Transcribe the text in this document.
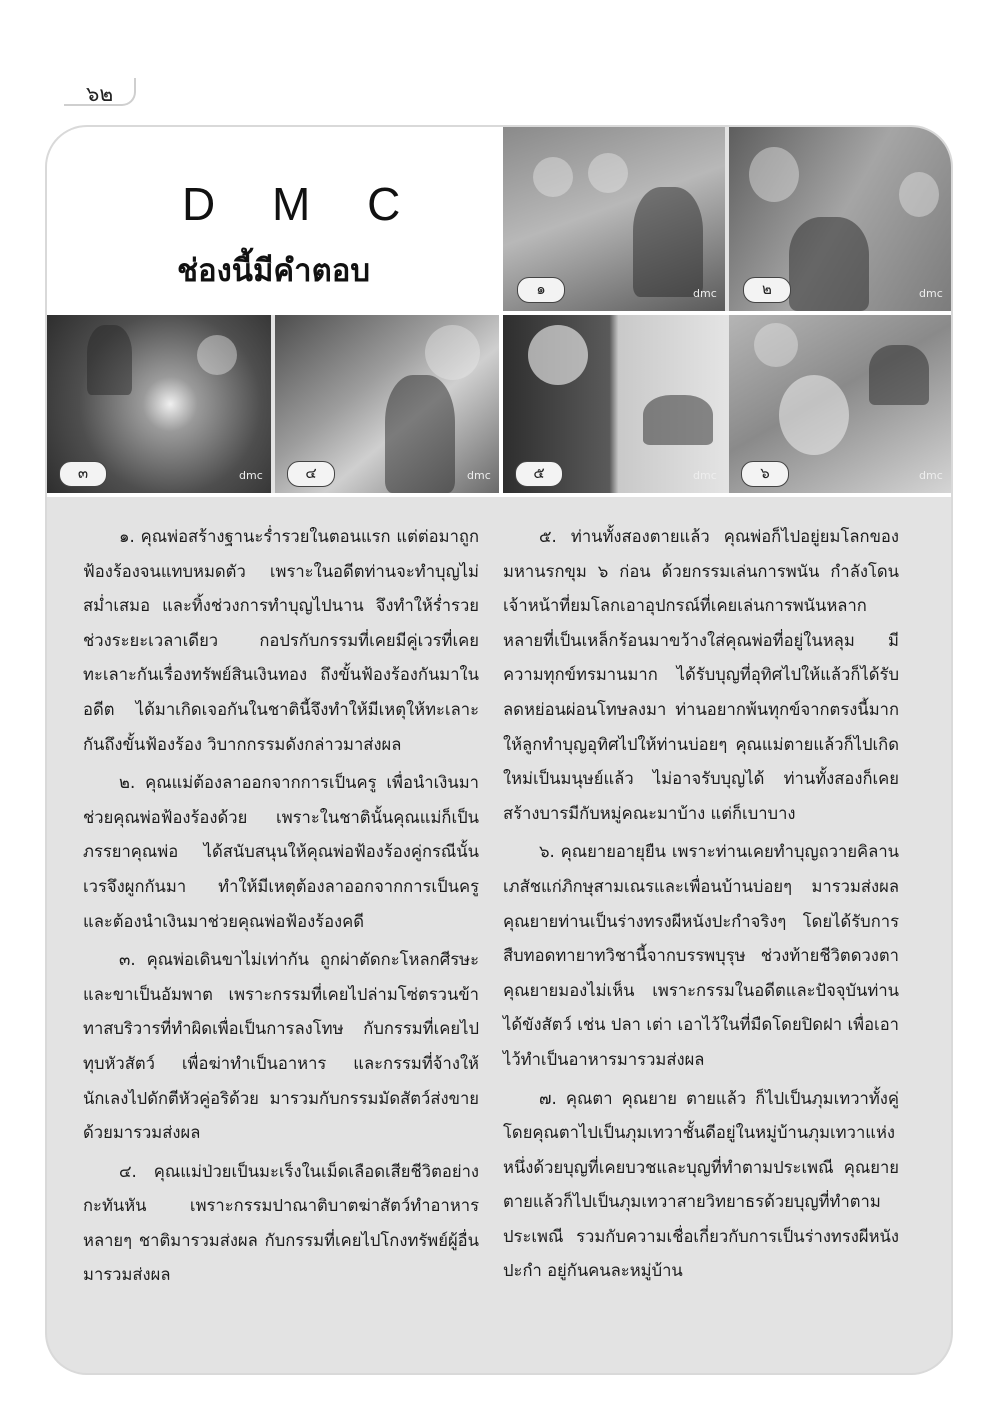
๖๒
D M C
ช่องนี้มีคำตอบ	๑	dmc	๒	dmc
๓	dmc	๔	dmc	๕	dmc	๖	dmc

๑. คุณพ่อสร้างฐานะร่ำรวยในตอนแรก แต่ต่อมาถูกฟ้องร้องจนแทบหมดตัว เพราะในอดีตท่านจะทำบุญไม่สม่ำเสมอ และทิ้งช่วงการทำบุญไปนาน จึงทำให้ร่ำรวยช่วงระยะเวลาเดียว กอปรกับกรรมที่เคยมีคู่เวรที่เคยทะเลาะกันเรื่องทรัพย์สินเงินทอง ถึงขั้นฟ้องร้องกันมาในอดีต ได้มาเกิดเจอกันในชาตินี้จึงทำให้มีเหตุให้ทะเลาะกันถึงขั้นฟ้องร้อง วิบากกรรมดังกล่าวมาส่งผล

๒. คุณแม่ต้องลาออกจากการเป็นครู เพื่อนำเงินมาช่วยคุณพ่อฟ้องร้องด้วย เพราะในชาตินั้นคุณแม่ก็เป็นภรรยาคุณพ่อ ได้สนับสนุนให้คุณพ่อฟ้องร้องคู่กรณีนั้น เวรจึงผูกกันมา ทำให้มีเหตุต้องลาออกจากการเป็นครูและต้องนำเงินมาช่วยคุณพ่อฟ้องร้องคดี

๓. คุณพ่อเดินขาไม่เท่ากัน ถูกผ่าตัดกะโหลกศีรษะและขาเป็นอัมพาต เพราะกรรมที่เคยไปล่ามโซ่ตรวนข้าทาสบริวารที่ทำผิดเพื่อเป็นการลงโทษ กับกรรมที่เคยไปทุบหัวสัตว์ เพื่อฆ่าทำเป็นอาหาร และกรรมที่จ้างให้นักเลงไปดักตีหัวคู่อริด้วย มารวมกับกรรมมัดสัตว์ส่งขายด้วยมารวมส่งผล

๔. คุณแม่ป่วยเป็นมะเร็งในเม็ดเลือดเสียชีวิตอย่างกะทันหัน เพราะกรรมปาณาติบาตฆ่าสัตว์ทำอาหารหลายๆ ชาติมารวมส่งผล กับกรรมที่เคยไปโกงทรัพย์ผู้อื่นมารวมส่งผล

๕. ท่านทั้งสองตายแล้ว คุณพ่อก็ไปอยู่ยมโลกของมหานรกขุม ๖ ก่อน ด้วยกรรมเล่นการพนัน กำลังโดนเจ้าหน้าที่ยมโลกเอาอุปกรณ์ที่เคยเล่นการพนันหลากหลายที่เป็นเหล็กร้อนมาขว้างใส่คุณพ่อที่อยู่ในหลุม มีความทุกข์ทรมานมาก ได้รับบุญที่อุทิศไปให้แล้วก็ได้รับลดหย่อนผ่อนโทษลงมา ท่านอยากพ้นทุกข์จากตรงนี้มาก ให้ลูกทำบุญอุทิศไปให้ท่านบ่อยๆ คุณแม่ตายแล้วก็ไปเกิดใหม่เป็นมนุษย์แล้ว ไม่อาจรับบุญได้ ท่านทั้งสองก็เคยสร้างบารมีกับหมู่คณะมาบ้าง แต่ก็เบาบาง

๖. คุณยายอายุยืน เพราะท่านเคยทำบุญถวายคิลานเภสัชแก่ภิกษุสามเณรและเพื่อนบ้านบ่อยๆ มารวมส่งผล คุณยายท่านเป็นร่างทรงผีหนังปะกำจริงๆ โดยได้รับการสืบทอดทายาทวิชานี้จากบรรพบุรุษ ช่วงท้ายชีวิตดวงตาคุณยายมองไม่เห็น เพราะกรรมในอดีตและปัจจุบันท่านได้ขังสัตว์ เช่น ปลา เต่า เอาไว้ในที่มืดโดยปิดฝา เพื่อเอาไว้ทำเป็นอาหารมารวมส่งผล

๗. คุณตา คุณยาย ตายแล้ว ก็ไปเป็นภุมเทวาทั้งคู่ โดยคุณตาไปเป็นภุมเทวาชั้นดีอยู่ในหมู่บ้านภุมเทวาแห่งหนึ่งด้วยบุญที่เคยบวชและบุญที่ทำตามประเพณี คุณยายตายแล้วก็ไปเป็นภุมเทวาสายวิทยาธรด้วยบุญที่ทำตามประเพณี รวมกับความเชื่อเกี่ยวกับการเป็นร่างทรงผีหนังปะกำ อยู่กันคนละหมู่บ้าน
